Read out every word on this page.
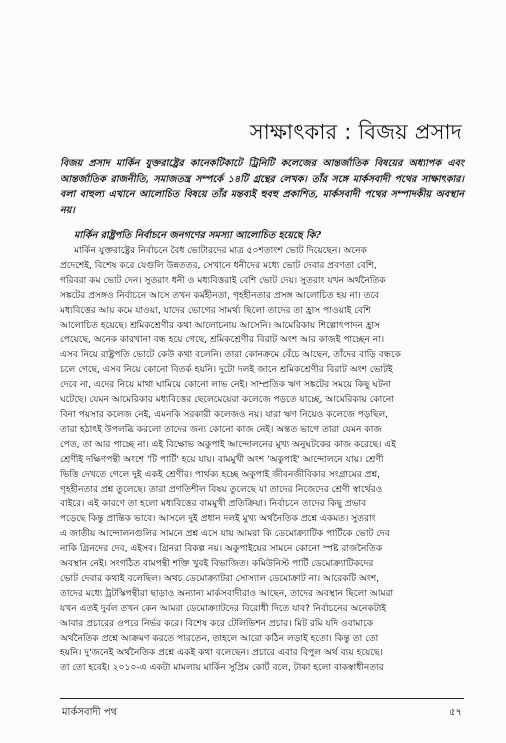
সাক্ষাৎকার : বিজয় প্রসাদ
বিজয় প্রসাদ মার্কিন যুক্তরাষ্ট্রের কানেকটিকাটে ট্রিনিটি কলেজের আন্তর্জাতিক বিষয়ের অধ্যাপক এবং আন্তর্জাতিক রাজনীতি, সমাজতন্ত্র সম্পর্কে ১৪টি গ্রন্থের লেখক। তাঁর সঙ্গে মার্কসবাদী পথের সাক্ষাৎকার। বলা বাহুল্য এখানে আলোচিত বিষয়ে তাঁর মন্তব্যই হুবহু প্রকাশিত, মার্কসবাদী পথের সম্পাদকীয় অবস্থান নয়।
মার্কিন রাষ্ট্রপতি নির্বাচনে জনগণের সমস্যা আলোচিত হয়েছে কি?
মার্কিন যুক্তরাষ্ট্রের নির্বাচনে বৈধ ভোটারদের মাত্র ৫০শতাংশ ভোট দিয়েছেন। অনেক
প্রদেশেই, বিশেষ করে যেগুলি উন্নততর, সেখানে ধনীদের মধ্যে ভোট দেবার প্রবণতা বেশি,
গরিবরা কম ভোট দেন। সুতরাং ধনী ও মধ্যবিত্তরাই বেশি ভোট দেয়। সুতরাং যখন অর্থনৈতিক
সঙ্কটের প্রসঙ্গও নির্বাচনে আসে তখন কর্মহীনতা, গৃহহীনতার প্রসঙ্গ আলোচিত হয় না। তবে
মধ্যবিত্তের আয় কমে যাওয়া, যাদের ভোগের সামর্থ্য ছিলো তাদের তা হ্রাস পাওয়াই বেশি
আলোচিত হয়েছে। শ্রমিকশ্রেণীর কথা আলোচনায় আসেনি। আমেরিকায় শিল্পোৎপাদন হ্রাস
পেয়েছে, অনেক কারখানা বন্ধ হয়ে গেছে, শ্রমিকশ্রেণীর বিরাট অংশ আর কাজই পাচ্ছেন না।
এসব নিয়ে রাষ্ট্রপতি ভোটে কেউ কথা বলেনি। তারা কোনক্রমে বেঁচে আছেন, তাঁদের বাড়ি বন্ধকে
চলে গেছে, এসব নিয়ে কোনো বিতর্ক হয়নি। দুটো দলই জানে শ্রমিকশ্রেণীর বিরাট অংশ ভোটই
দেবে না, এদের নিয়ে মাথা ঘামিয়ে কোনো লাভ নেই। সাম্প্রতিক ঋণ সঙ্কটের সময়ে কিছু ঘটনা
ঘটেছে। যেমন আমেরিকার মধ্যবিত্তের ছেলেমেয়েরা কলেজে পড়তে যাচ্ছে, আমেরিকায় কোনো
বিনা পয়সার কলেজ নেই, এমনকি সরকারী কলেজও নয়। যারা ঋণ নিয়েও কলেজে পড়ছিল,
তারা হঠাৎই উপলব্ধি করলো তাদের জন্য কোনো কাজ নেই। অন্তত ভাগে তারা যেমন কাজ
পেত, তা আর পাচ্ছে না। এই বিক্ষোভ অকুপাই আন্দোলনের মুখ্য অনুঘটকের কাজ করেছে। এই
শ্রেণীই দক্ষিণপন্থী অংশে 'টি পার্টি' হয়ে যায়। বামমুখী অংশ 'অকুপাই' আন্দোলনে যায়। শ্রেণী
ভিত্তি দেখতে গেলে দুই একই শ্রেণীর। পার্থক্য হচ্ছে অকুপাই জীবনজীবিকার সংগ্রামের প্রশ্ন,
গৃহহীনতার প্রশ্ন তুলেছে। তারা প্রগতিশীল বিষয় তুলেছে যা তাদের নিজেদের শ্রেণী স্বার্থেরও
বাইরে। এই কারণে তা হলো মধ্যবিত্তের বামমুখী প্রতিক্রিয়া। নির্বাচনে তাদের কিছু প্রভাব
পড়েছে কিন্তু প্রান্তিক ভাবে। আসলে দুই প্রধান দলই মুখ্য অর্থনৈতিক প্রশ্নে একমত। সুতরাং
এ জাতীয় আন্দোলনগুলির সামনে প্রশ্ন এসে যায় আমরা কি ডেমোক্র্যাটিক পার্টিকে ভোট দেব
নাকি গ্রিনদের দেব, এইসব। গ্রিনরা বিকল্প নয়। অকুপাইয়ের সামনে কোনো স্পষ্ট রাজনৈতিক
অবস্থান নেই। সংগঠিত বামপন্থী শক্তি খুবই বিভাজিত। কমিউনিস্ট পার্টি ডেমোক্র্যাটিকদের
ভোট দেবার কথাই বলেছিল। অথচ ডেমোক্র্যাটরা সোস্যাল ডেমোক্রাট না। আরেকটি অংশ,
তাদের মধ্যে ট্রটস্কিপন্থীরা ছাড়াও অন্যান্য মার্কসবাদীরাও আছেন, তাদের অবস্থান ছিলো আমরা
যখন এতই দুর্বল তখন কেন আমরা ডেমোক্র্যাটদের বিরোধী দিতে যাব? নির্বাচনের অনেকটাই
আবার প্রচারের ওপরে নির্ভর করে। বিশেষ করে টেলিভিশন প্রচার। মিট রমি যদি ওবামাকে
অর্থনৈতিক প্রশ্নে আক্রমণ করতে পারতেন, তাহলে আরো কঠিন লড়াই হতো। কিন্তু তা তো
হয়নি। দু'জনেই অর্থনৈতিক প্রশ্নে একই কথা বলেছেন। প্রচারে এবার বিপুল অর্থ ব্যয় হয়েছে।
তা তো হবেই। ২০১০-এ একটা মামলায় মার্কিন সুপ্রিম কোর্ট বলে, টাকা হলো বাকস্বাধীনতার
মার্কসবাদী পথ	৫৭
